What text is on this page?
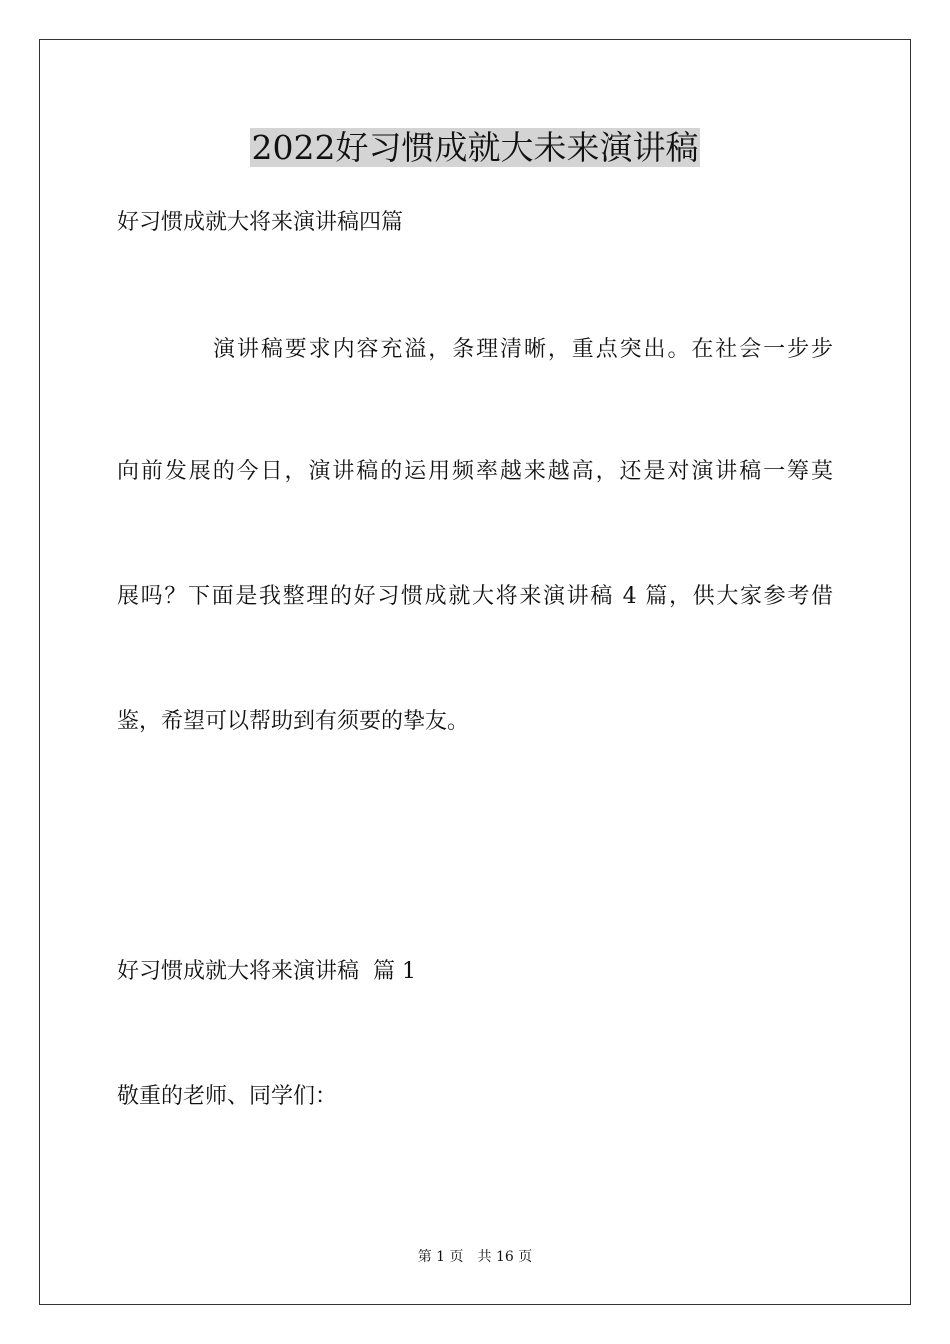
2022好习惯成就大未来演讲稿
好习惯成就大将来演讲稿四篇
演讲稿要求内容充溢，条理清晰，重点突出。在社会一步步
向前发展的今日，演讲稿的运用频率越来越高，还是对演讲稿一筹莫
展吗？下面是我整理的好习惯成就大将来演讲稿 4 篇，供大家参考借
鉴，希望可以帮助到有须要的挚友。
好习惯成就大将来演讲稿  篇 1
敬重的老师、同学们：
第 1 页 共 16 页
